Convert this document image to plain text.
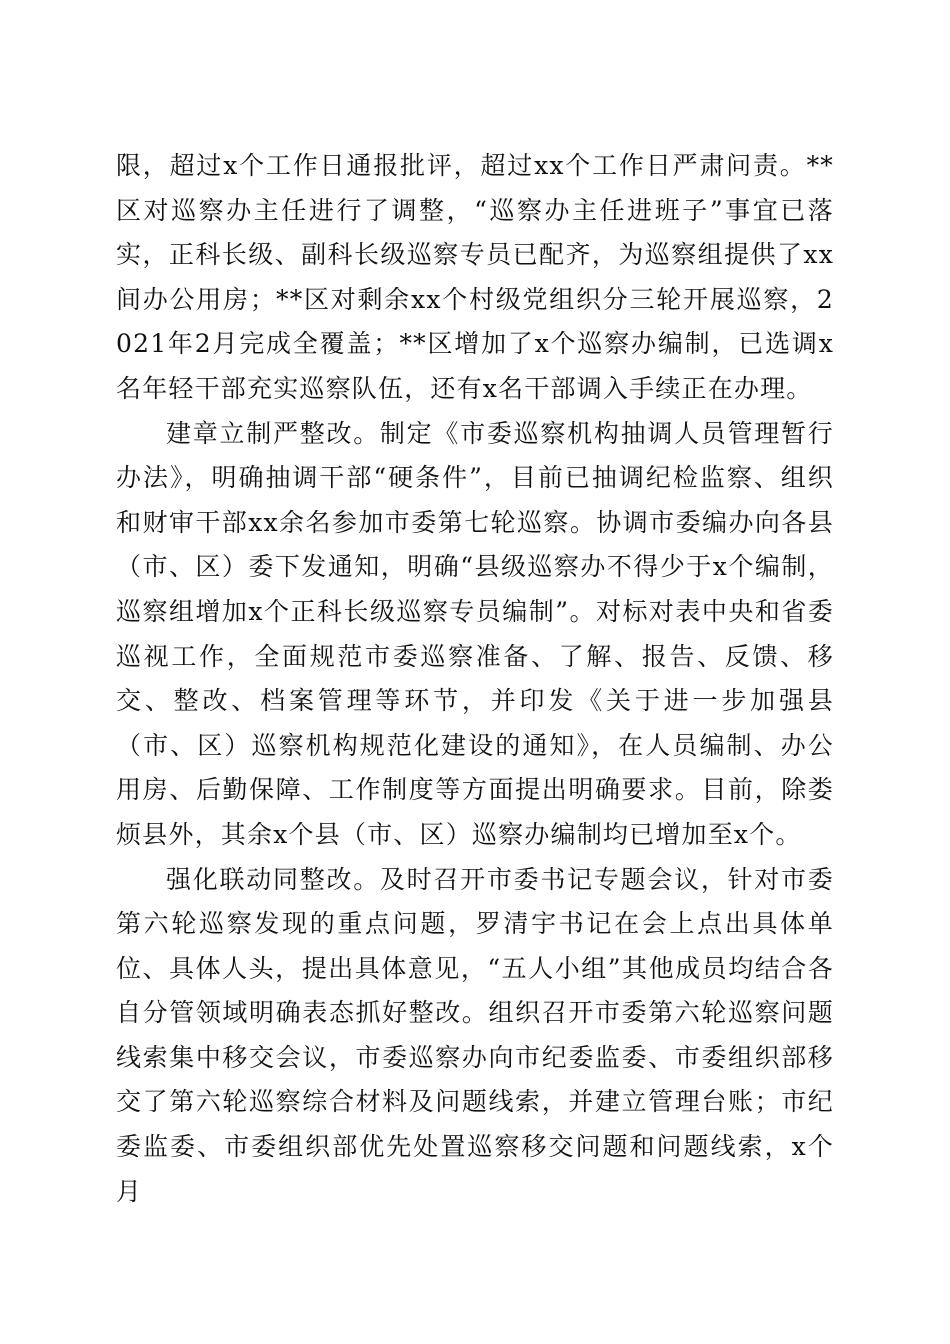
限，超过x个工作日通报批评，超过xx个工作日严肃问责。**区对巡察办主任进行了调整，“巡察办主任进班子”事宜已落实，正科长级、副科长级巡察专员已配齐，为巡察组提供了xx间办公用房；**区对剩余xx个村级党组织分三轮开展巡察，2021年2月完成全覆盖；**区增加了x个巡察办编制，已选调x名年轻干部充实巡察队伍，还有x名干部调入手续正在办理。

建章立制严整改。制定《市委巡察机构抽调人员管理暂行办法》，明确抽调干部“硬条件”，目前已抽调纪检监察、组织和财审干部xx余名参加市委第七轮巡察。协调市委编办向各县（市、区）委下发通知，明确“县级巡察办不得少于x个编制，巡察组增加x个正科长级巡察专员编制”。对标对表中央和省委巡视工作，全面规范市委巡察准备、了解、报告、反馈、移交、整改、档案管理等环节，并印发《关于进一步加强县（市、区）巡察机构规范化建设的通知》，在人员编制、办公用房、后勤保障、工作制度等方面提出明确要求。目前，除娄烦县外，其余x个县（市、区）巡察办编制均已增加至x个。

强化联动同整改。及时召开市委书记专题会议，针对市委第六轮巡察发现的重点问题，罗清宇书记在会上点出具体单位、具体人头，提出具体意见，“五人小组”其他成员均结合各自分管领域明确表态抓好整改。组织召开市委第六轮巡察问题线索集中移交会议，市委巡察办向市纪委监委、市委组织部移交了第六轮巡察综合材料及问题线索，并建立管理台账；市纪委监委、市委组织部优先处置巡察移交问题和问题线索，x个月
